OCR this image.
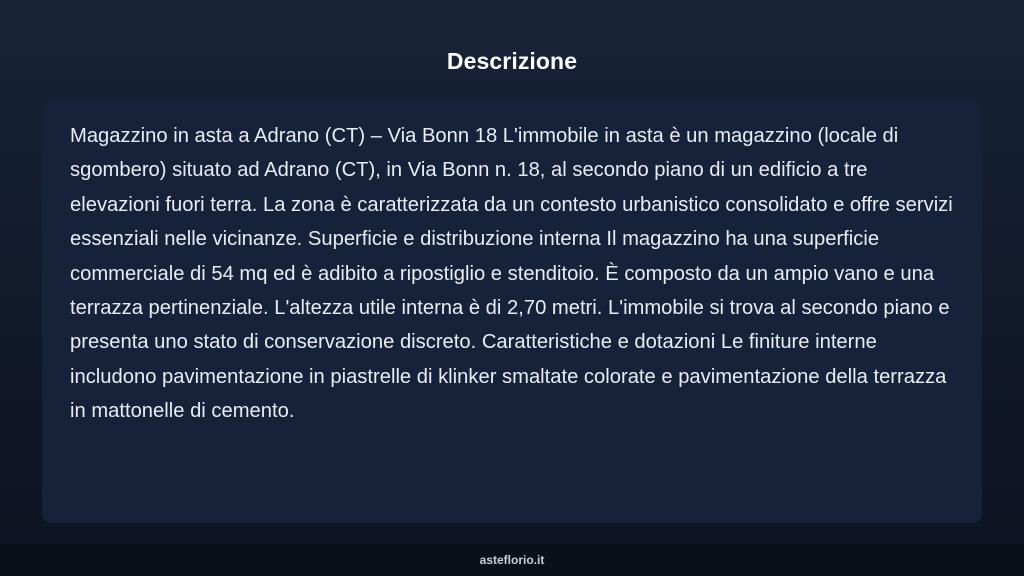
Descrizione

Magazzino in asta a Adrano (CT) – Via Bonn 18 L'immobile in asta è un magazzino (locale di sgombero) situato ad Adrano (CT), in Via Bonn n. 18, al secondo piano di un edificio a tre elevazioni fuori terra. La zona è caratterizzata da un contesto urbanistico consolidato e offre servizi essenziali nelle vicinanze. Superficie e distribuzione interna Il magazzino ha una superficie commerciale di 54 mq ed è adibito a ripostiglio e stenditoio. È composto da un ampio vano e una terrazza pertinenziale. L'altezza utile interna è di 2,70 metri. L'immobile si trova al secondo piano e presenta uno stato di conservazione discreto. Caratteristiche e dotazioni Le finiture interne includono pavimentazione in piastrelle di klinker smaltate colorate e pavimentazione della terrazza in mattonelle di cemento.

asteflorio.it
